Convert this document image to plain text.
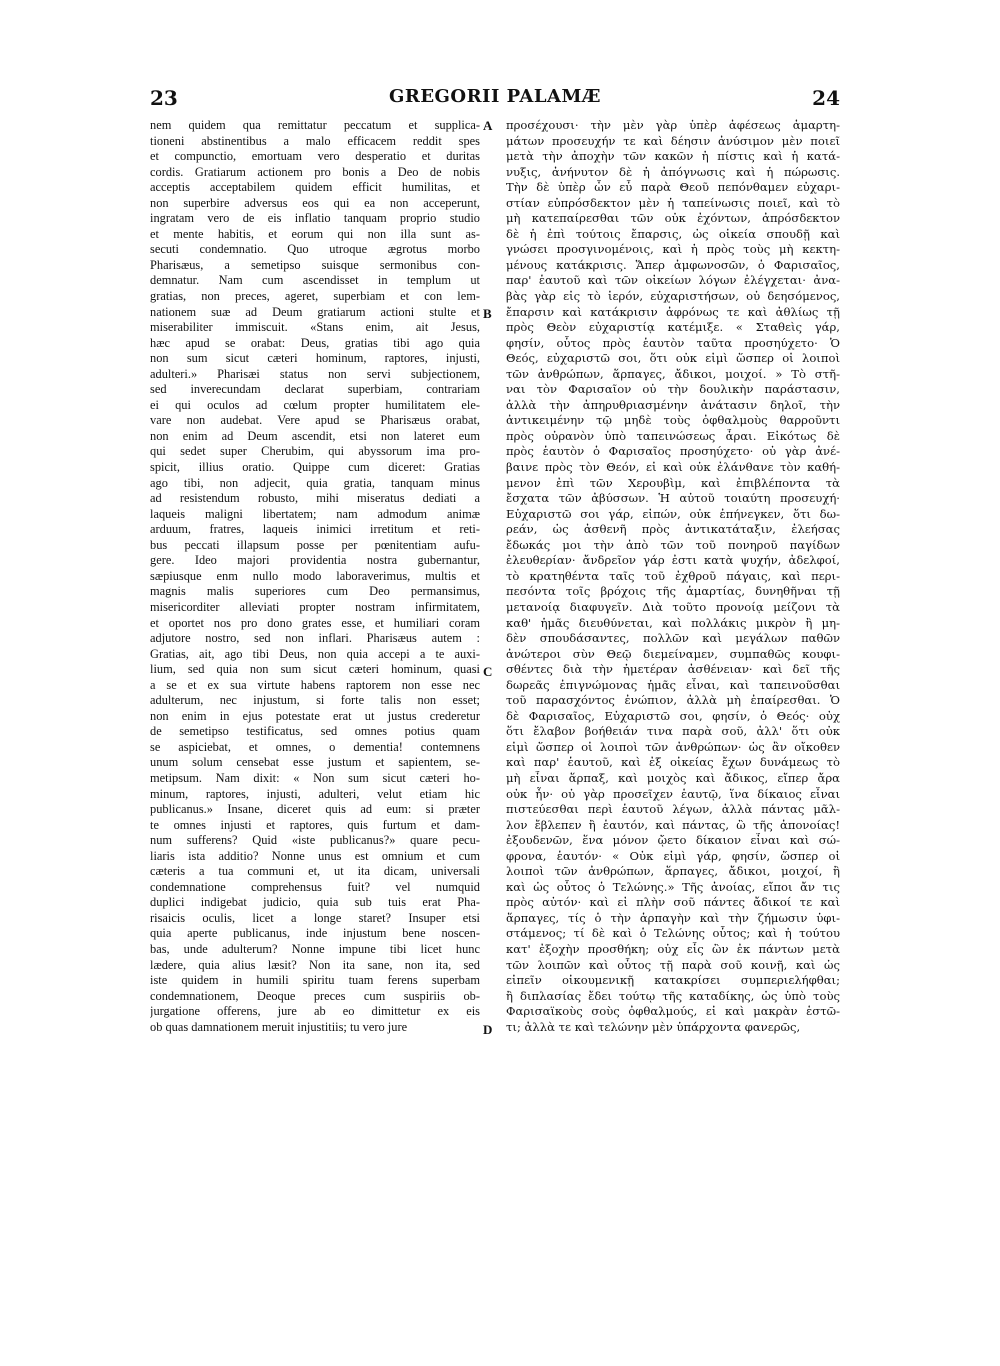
23	GREGORII PALAMÆ	24
nem quidem qua remittatur peccatum et supplica-
tioneni abstinentibus a malo efficacem reddit spes
et compunctio, emortuam vero desperatio et duritas
cordis. Gratiarum actionem pro bonis a Deo de nobis
acceptis acceptabilem quidem efficit humilitas, et
non superbire adversus eos qui ea non acceperunt,
ingratam vero de eis inflatio tanquam proprio studio
et mente habitis, et eorum qui non illa sunt as-
secuti condemnatio. Quo utroque ægrotus morbo
Pharisæus, a semetipso suisque sermonibus con-
demnatur. Nam cum ascendisset in templum ut
gratias, non preces, ageret, superbiam et con lem-
nationem suæ ad Deum gratiarum actioni stulte et
miserabiliter immiscuit. «Stans enim, ait Jesus,
hæc apud se orabat: Deus, gratias tibi ago quia
non sum sicut cæteri hominum, raptores, injusti,
adulteri.» Pharisæi status non servi subjectionem,
sed inverecundam declarat superbiam, contrariam
ei qui oculos ad cœlum propter humilitatem ele-
vare non audebat. Vere apud se Pharisæus orabat,
non enim ad Deum ascendit, etsi non lateret eum
qui sedet super Cherubim, qui abyssorum ima pro-
spicit, illius oratio. Quippe cum diceret: Gratias
ago tibi, non adjecit, quia gratia, tanquam minus
ad resistendum robusto, mihi miseratus dediati a
laqueis maligni libertatem; nam admodum animæ
arduum, fratres, laqueis inimici irretitum et reti-
bus peccati illapsum posse per pœnitentiam aufu-
gere. Ideo majori providentia nostra gubernantur,
sæpiusque enm nullo modo laboraverimus, multis et
magnis malis superiores cum Deo permansimus,
misericorditer alleviati propter nostram infirmitatem,
et oportet nos pro dono grates esse, et humiliari coram
adjutore nostro, sed non inflari. Pharisæus autem :
Gratias, ait, ago tibi Deus, non quia accepi a te auxi-
lium, sed quia non sum sicut cæteri hominum, quasi
a se et ex sua virtute habens raptorem non esse nec
adulterum, nec injustum, si forte talis non esset;
non enim in ejus potestate erat ut justus crederetur
de semetipso testificatus, sed omnes potius quam
se aspiciebat, et omnes, o dementia! contemnens
unum solum censebat esse justum et sapientem, se-
metipsum. Nam dixit: « Non sum sicut cæteri ho-
minum, raptores, injusti, adulteri, velut etiam hic
publicanus.» Insane, diceret quis ad eum: si præter
te omnes injusti et raptores, quis furtum et dam-
num sufferens? Quid «iste publicanus?» quare pecu-
liaris ista additio? Nonne unus est omnium et cum
cæteris a tua communi et, ut ita dicam, universali
condemnatione comprehensus fuit? vel numquid
duplici indigebat judicio, quia sub tuis erat Pha-
risaicis oculis, licet a longe staret? Insuper etsi
quia aperte publicanus, inde injustum bene noscen-
bas, unde adulterum? Nonne impune tibi licet hunc
lædere, quia alius læsit? Non ita sane, non ita, sed
iste quidem in humili spiritu tuam ferens superbam
condemnationem, Deoque preces cum suspiriis ob-
jurgatione offerens, jure ab eo dimittetur ex eis
ob quas damnationem meruit injustitiis; tu vero jure
προσέχουσι· τὴν μὲν γὰρ ὑπὲρ ἀφέσεως ἁμαρτη-
μάτων προσευχήν τε καὶ δέησιν ἀνύσιμον μὲν ποιεῖ
μετὰ τὴν ἀποχὴν τῶν κακῶν ἡ πίστις καὶ ἡ κατά-
νυξις, ἀνήνυτον δὲ ἡ ἀπόγνωσις καὶ ἡ πώρωσις.
Τὴν δὲ ὑπὲρ ὧν εὖ παρὰ Θεοῦ πεπόνθαμεν εὐχαρι-
στίαν εὐπρόσδεκτον μὲν ἡ ταπείνωσις ποιεῖ, καὶ τὸ
μὴ κατεπαίρεσθαι τῶν οὐκ ἐχόντων, ἀπρόσδεκτον
δὲ ἡ ἐπὶ τούτοις ἔπαρσις, ὡς οἰκεία σπουδῇ καὶ
γνώσει προσγινομένοις, καὶ ἡ πρὸς τοὺς μὴ κεκτη-
μένους κατάκρισις. Ἅπερ ἀμφωνοσῶν, ὁ Φαρισαῖος,
παρ' ἑαυτοῦ καὶ τῶν οἰκείων λόγων ἐλέγχεται· ἀνα-
βὰς γὰρ εἰς τὸ ἱερόν, εὐχαριστήσων, οὐ δεησόμενος,
ἔπαρσιν καὶ κατάκρισιν ἀφρόνως τε καὶ ἀθλίως τῇ
πρὸς Θεὸν εὐχαριστίᾳ κατέμιξε. « Σταθεὶς γάρ,
φησίν, οὗτος πρὸς ἑαυτὸν ταῦτα προσηύχετο· Ὁ
Θεός, εὐχαριστῶ σοι, ὅτι οὐκ εἰμὶ ὥσπερ οἱ λοιποὶ
τῶν ἀνθρώπων, ἅρπαγες, ἄδικοι, μοιχοί. » Τὸ στῆ-
ναι τὸν Φαρισαῖον οὐ τὴν δουλικὴν παράστασιν,
ἀλλὰ τὴν ἀπηρυθριασμένην ἀνάτασιν δηλοῖ, τὴν
ἀντικειμένην τῷ μηδὲ τοὺς ὀφθαλμοὺς θαρροῦντι
πρὸς οὐρανὸν ὑπὸ ταπεινώσεως ἆραι. Εἰκότως δὲ
πρὸς ἑαυτὸν ὁ Φαρισαῖος προσηύχετο· οὐ γὰρ ἀνέ-
βαινε πρὸς τὸν Θεόν, εἰ καὶ οὐκ ἐλάνθανε τὸν καθή-
μενον ἐπὶ τῶν Χερουβὶμ, καὶ ἐπιβλέποντα τὰ
ἔσχατα τῶν ἀβύσσων. Ἡ αὐτοῦ τοιαύτη προσευχή·
Εὐχαριστῶ σοι γάρ, εἰπών, οὐκ ἐπήνεγκεν, ὅτι δω-
ρεάν, ὡς ἀσθενῆ πρὸς ἀντικατάταξιν, ἐλεήσας
ἔδωκάς μοι τὴν ἀπὸ τῶν τοῦ πονηροῦ παγίδων
ἐλευθερίαν· ἄνδρεῖον γάρ ἐστι κατὰ ψυχήν, ἀδελφοί,
τὸ κρατηθέντα ταῖς τοῦ ἐχθροῦ πάγαις, καὶ περι-
πεσόντα τοῖς βρόχοις τῆς ἁμαρτίας, δυνηθῆναι τῇ
μετανοίᾳ διαφυγεῖν. Διὰ τοῦτο προνοίᾳ μείζονι τὰ
καθ' ἡμᾶς διευθύνεται, καὶ πολλάκις μικρὸν ἢ μη-
δὲν σπουδάσαντες, πολλῶν καὶ μεγάλων παθῶν
ἀνώτεροι σὺν Θεῷ διεμείναμεν, συμπαθῶς κουφι-
σθέντες διὰ τὴν ἡμετέραν ἀσθένειαν· καὶ δεῖ τῆς
δωρεᾶς ἐπιγνώμονας ἡμᾶς εἶναι, καὶ ταπεινοῦσθαι
τοῦ παρασχόντος ἐνώπιον, ἀλλὰ μὴ ἐπαίρεσθαι. Ὁ
δὲ Φαρισαῖος, Εὐχαριστῶ σοι, φησίν, ὁ Θεός· οὐχ
ὅτι ἔλαβον βοήθειάν τινα παρὰ σοῦ, ἀλλ' ὅτι οὐκ
εἰμὶ ὥσπερ οἱ λοιποὶ τῶν ἀνθρώπων· ὡς ἂν οἴκοθεν
καὶ παρ' ἑαυτοῦ, καὶ ἐξ οἰκείας ἔχων δυνάμεως τὸ
μὴ εἶναι ἅρπαξ, καὶ μοιχὸς καὶ ἄδικος, εἴπερ ἄρα
οὐκ ἦν· οὐ γὰρ προσεῖχεν ἑαυτῷ, ἵνα δίκαιος εἶναι
πιστεύεσθαι περὶ ἑαυτοῦ λέγων, ἀλλὰ πάντας μᾶλ-
λον ἔβλεπεν ἢ ἑαυτόν, καὶ πάντας, ὢ τῆς ἀπονοίας!
ἐξουδενῶν, ἕνα μόνον ᾤετο δίκαιον εἶναι καὶ σώ-
φρονα, ἑαυτόν· « Οὐκ εἰμὶ γάρ, φησίν, ὥσπερ οἱ
λοιποὶ τῶν ἀνθρώπων, ἅρπαγες, ἄδικοι, μοιχοί, ἢ
καὶ ὡς οὗτος ὁ Τελώνης.» Τῆς ἀνοίας, εἴποι ἄν τις
πρὸς αὐτόν· καὶ εἰ πλὴν σοῦ πάντες ἄδικοί τε καὶ
ἅρπαγες, τίς ὁ τὴν ἁρπαγὴν καὶ τὴν ζήμωσιν ὑφι-
στάμενος; τί δὲ καὶ ὁ Τελώνης οὗτος; καὶ ἡ τούτου
κατ' ἐξοχὴν προσθήκη; οὐχ εἷς ὢν ἐκ πάντων μετὰ
τῶν λοιπῶν καὶ οὗτος τῇ παρὰ σοῦ κοινῇ, καὶ ὡς
εἰπεῖν οἰκουμενικῇ κατακρίσει συμπεριελήφθαι;
ἢ διπλασίας ἔδει τούτῳ τῆς καταδίκης, ὡς ὑπὸ τοὺς
Φαρισαϊκοὺς σοὺς ὀφθαλμούς, εἰ καὶ μακρὰν ἑστῶ-
τι; ἀλλὰ τε καὶ τελώνην μὲν ὑπάρχοντα φανερῶς,
A
B
C
D
